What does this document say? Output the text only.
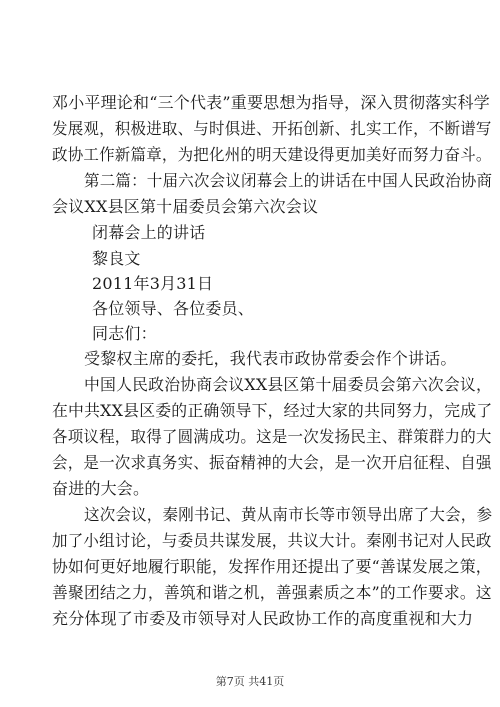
邓小平理论和“三个代表”重要思想为指导，深入贯彻落实科学
发展观，积极进取、与时俱进、开拓创新、扎实工作，不断谱写
政协工作新篇章，为把化州的明天建设得更加美好而努力奋斗。
第二篇：十届六次会议闭幕会上的讲话在中国人民政治协商
会议XX县区第十届委员会第六次会议
闭幕会上的讲话
黎良文
2011年3月31日
各位领导、各位委员、
同志们：
受黎权主席的委托，我代表市政协常委会作个讲话。
中国人民政治协商会议XX县区第十届委员会第六次会议，
在中共XX县区委的正确领导下，经过大家的共同努力，完成了
各项议程，取得了圆满成功。这是一次发扬民主、群策群力的大
会，是一次求真务实、振奋精神的大会，是一次开启征程、自强
奋进的大会。
这次会议，秦刚书记、黄从南市长等市领导出席了大会，参
加了小组讨论，与委员共谋发展，共议大计。秦刚书记对人民政
协如何更好地履行职能，发挥作用还提出了要“善谋发展之策，
善聚团结之力，善筑和谐之机，善强素质之本”的工作要求。这
充分体现了市委及市领导对人民政协工作的高度重视和大力
第7页 共41页
